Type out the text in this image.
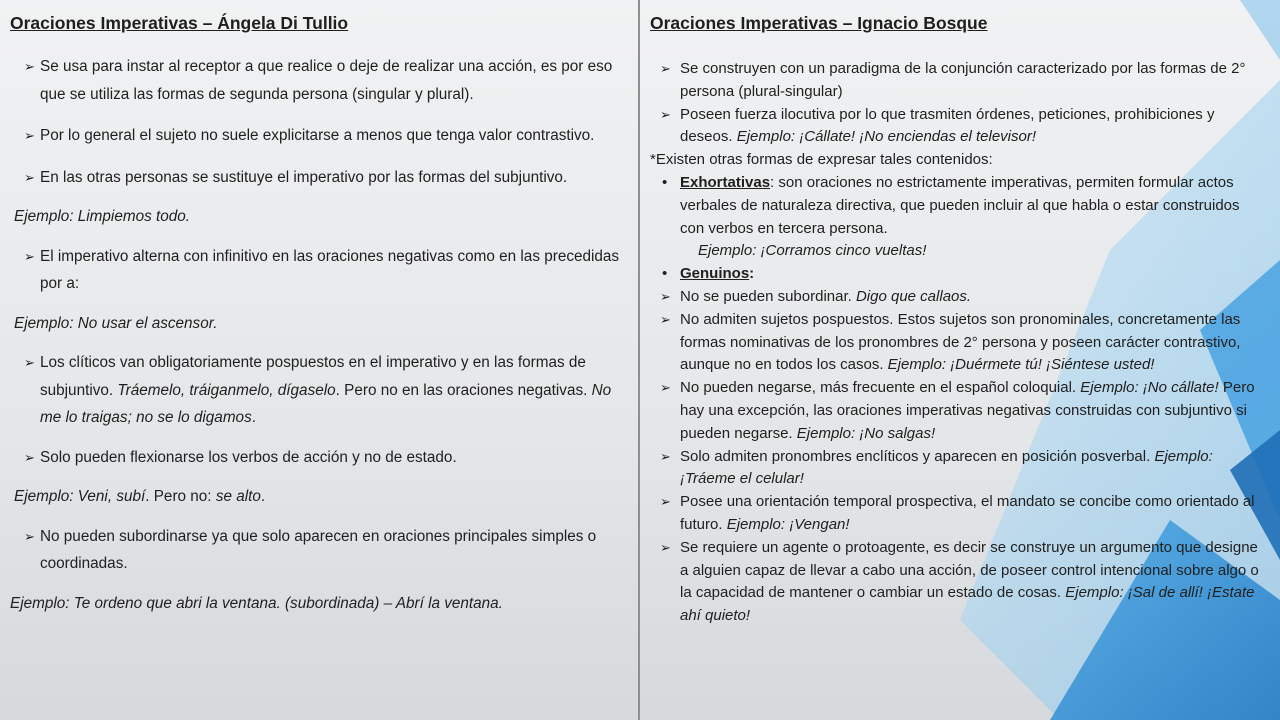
Oraciones Imperativas – Ángela Di Tullio

➢ Se usa para instar al receptor a que realice o deje de realizar una acción, es por eso que se utiliza las formas de segunda persona (singular y plural).

➢ Por lo general el sujeto no suele explicitarse a menos que tenga valor contrastivo.

➢ En las otras personas se sustituye el imperativo por las formas del subjuntivo.

Ejemplo: Limpiemos todo.

➢ El imperativo alterna con infinitivo en las oraciones negativas como en las precedidas por a:

Ejemplo: No usar el ascensor.

➢ Los clíticos van obligatoriamente pospuestos en el imperativo y en las formas de subjuntivo. Tráemelo, tráiganmelo, dígaselo. Pero no en las oraciones negativas. No me lo traigas; no se lo digamos.

➢ Solo pueden flexionarse los verbos de acción y no de estado.

Ejemplo: Veni, subí. Pero no: se alto.

➢ No pueden subordinarse ya que solo aparecen en oraciones principales simples o coordinadas.

Ejemplo: Te ordeno que abri la ventana. (subordinada) – Abrí la ventana.

Oraciones Imperativas – Ignacio Bosque

➢ Se construyen con un paradigma de la conjunción caracterizado por las formas de 2° persona (plural-singular)

➢ Poseen fuerza ilocutiva por lo que trasmiten órdenes, peticiones, prohibiciones y deseos. Ejemplo: ¡Cállate! ¡No enciendas el televisor!

*Existen otras formas de expresar tales contenidos:

• Exhortativas: son oraciones no estrictamente imperativas, permiten formular actos verbales de naturaleza directiva, que pueden incluir al que habla o estar construidos con verbos en tercera persona.

Ejemplo: ¡Corramos cinco vueltas!

• Genuinos:

➢ No se pueden subordinar. Digo que callaos.

➢ No admiten sujetos pospuestos. Estos sujetos son pronominales, concretamente las formas nominativas de los pronombres de 2° persona y poseen carácter contrastivo, aunque no en todos los casos. Ejemplo: ¡Duérmete tú! ¡Siéntese usted!

➢ No pueden negarse, más frecuente en el español coloquial. Ejemplo: ¡No cállate! Pero hay una excepción, las oraciones imperativas negativas construidas con subjuntivo si pueden negarse. Ejemplo: ¡No salgas!

➢ Solo admiten pronombres enclíticos y aparecen en posición posverbal. Ejemplo: ¡Tráeme el celular!

➢ Posee una orientación temporal prospectiva, el mandato se concibe como orientado al futuro. Ejemplo: ¡Vengan!

➢ Se requiere un agente o protoagente, es decir se construye un argumento que designe a alguien capaz de llevar a cabo una acción, de poseer control intencional sobre algo o la capacidad de mantener o cambiar un estado de cosas. Ejemplo: ¡Sal de allí! ¡Estate ahí quieto!
